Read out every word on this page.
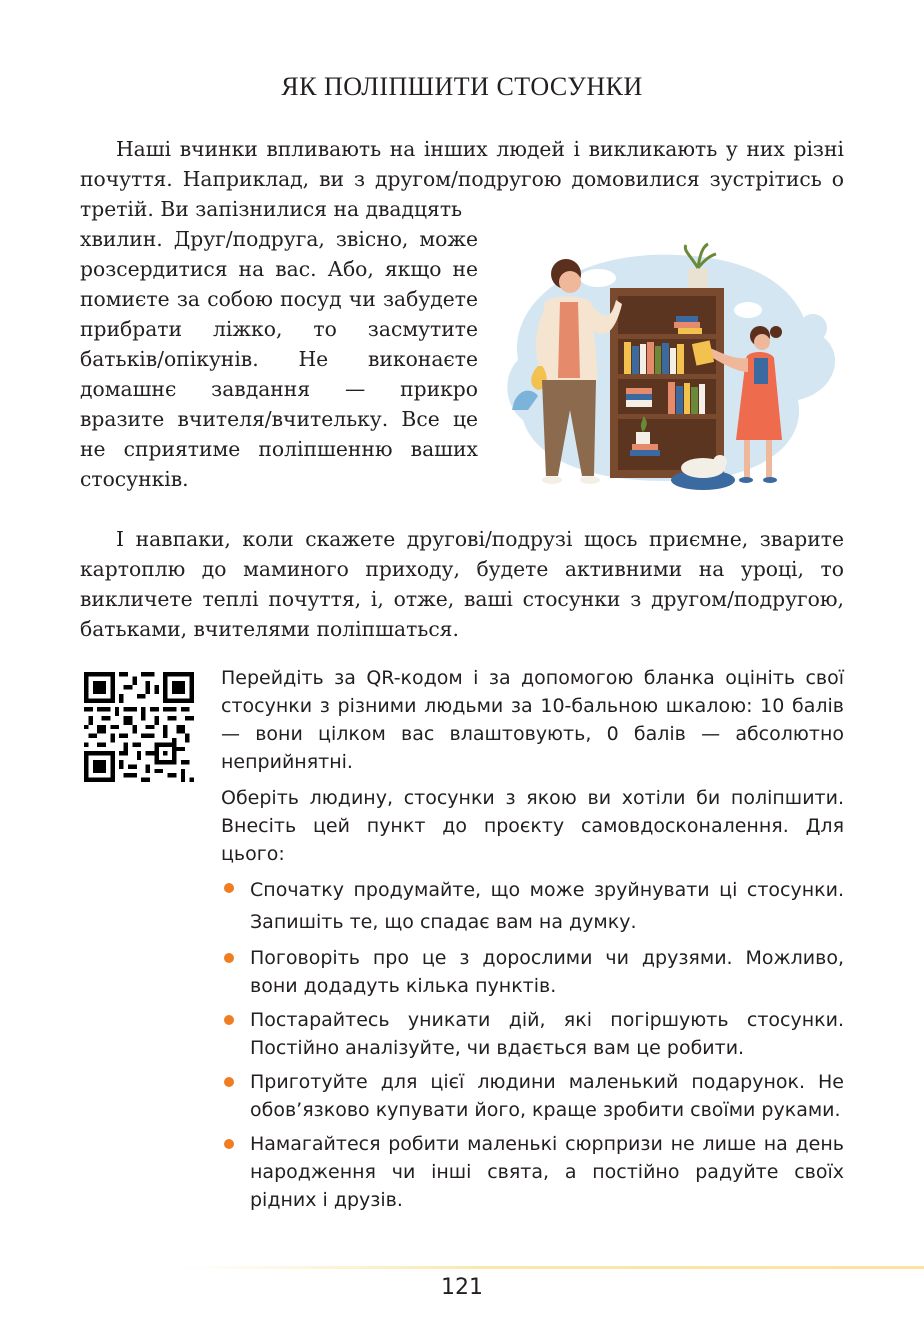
ЯК ПОЛІПШИТИ СТОСУНКИ

Наші вчинки впливають на інших людей і викликають у них різні почуття. Наприклад, ви з другом/подругою домовилися зустрітись о третій. Ви запізнилися на двадцять

хвилин. Друг/подруга, звісно, може розсердитися на вас. Або, якщо не помиєте за собою посуд чи забудете прибрати ліжко, то засмутите батьків/опікунів. Не виконаєте домашнє завдання — прикро вразите вчителя/вчительку. Все це не сприятиме поліпшенню ваших стосунків.

І навпаки, коли скажете другові/подрузі щось приємне, зварите картоплю до маминого приходу, будете активними на уроці, то викличете теплі почуття, і, отже, ваші стосунки з другом/подругою, батьками, вчителями поліпшаться.

Перейдіть за QR-кодом і за допомогою бланка оцініть свої стосунки з різними людьми за 10-бальною шкалою: 10 балів — вони цілком вас влаштовують, 0 балів — абсолютно неприйнятні.

Оберіть людину, стосунки з якою ви хотіли би поліпшити. Внесіть цей пункт до проєкту самовдосконалення. Для цього:

Спочатку продумайте, що може зруйнувати ці стосунки. Запишіть те, що спадає вам на думку.
Поговоріть про це з дорослими чи друзями. Можливо, вони додадуть кілька пунктів.
Постарайтесь уникати дій, які погіршують стосунки. Постійно аналізуйте, чи вдається вам це робити.
Приготуйте для цієї людини маленький подарунок. Не обов’язково купувати його, краще зробити своїми руками.
Намагайтеся робити маленькі сюрпризи не лише на день народження чи інші свята, а постійно радуйте своїх рідних і друзів.
121
